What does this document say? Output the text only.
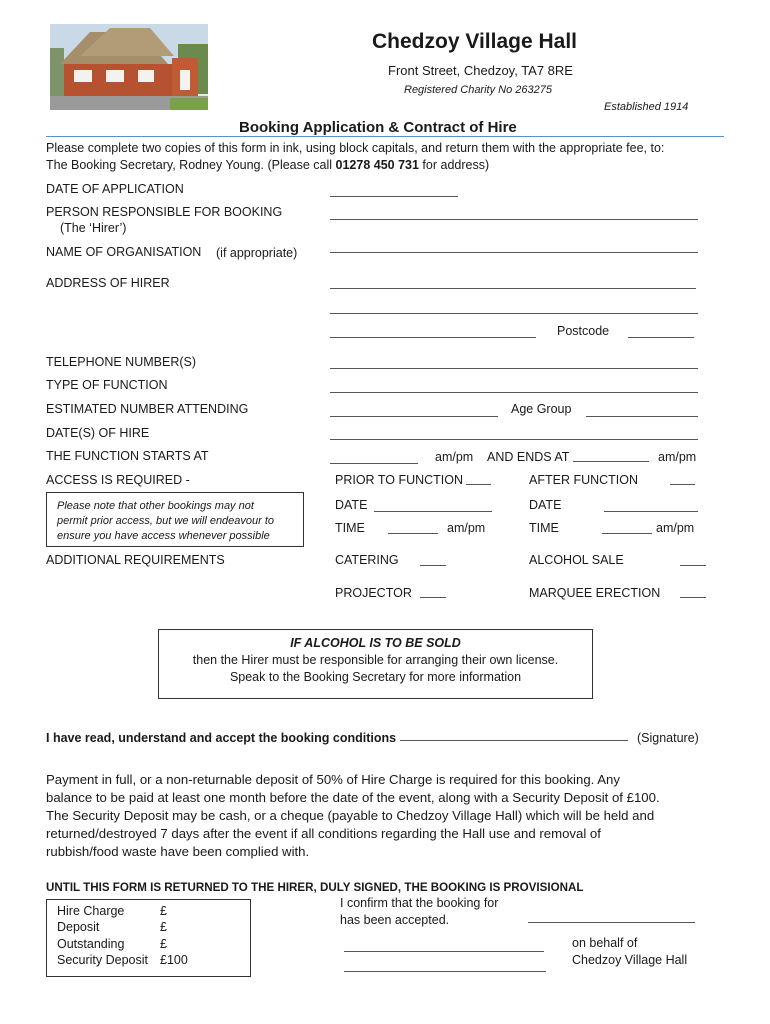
Chedzoy Village Hall
Front Street, Chedzoy, TA7 8RE
Registered Charity No 263275
Established 1914
Booking Application & Contract of Hire
Please complete two copies of this form in ink, using block capitals, and return them with the appropriate fee, to:
The Booking Secretary, Rodney Young. (Please call 01278 450 731 for address)
DATE OF APPLICATION
PERSON RESPONSIBLE FOR BOOKING
(The ‘Hirer’)
NAME OF ORGANISATION (if appropriate)
ADDRESS OF HIRER
Postcode
TELEPHONE NUMBER(S)
TYPE OF FUNCTION
ESTIMATED NUMBER ATTENDING	Age Group
DATE(S) OF HIRE
THE FUNCTION STARTS AT	am/pm AND ENDS AT	am/pm
ACCESS IS REQUIRED -	PRIOR TO FUNCTION	AFTER FUNCTION
Please note that other bookings may not
permit prior access, but we will endeavour to
ensure you have access whenever possible
DATE	DATE
TIME	am/pm	TIME	am/pm
ADDITIONAL REQUIREMENTS	CATERING	ALCOHOL SALE
PROJECTOR	MARQUEE ERECTION
IF ALCOHOL IS TO BE SOLD
then the Hirer must be responsible for arranging their own license.
Speak to the Booking Secretary for more information
I have read, understand and accept the booking conditions	(Signature)
Payment in full, or a non-returnable deposit of 50% of Hire Charge is required for this booking. Any
balance to be paid at least one month before the date of the event, along with a Security Deposit of £100.
The Security Deposit may be cash, or a cheque (payable to Chedzoy Village Hall) which will be held and
returned/destroyed 7 days after the event if all conditions regarding the Hall use and removal of
rubbish/food waste have been complied with.
UNTIL THIS FORM IS RETURNED TO THE HIRER, DULY SIGNED, THE BOOKING IS PROVISIONAL
Hire Charge	£
Deposit	£
Outstanding	£
Security Deposit £100
I confirm that the booking for
has been accepted.
on behalf of
Chedzoy Village Hall
